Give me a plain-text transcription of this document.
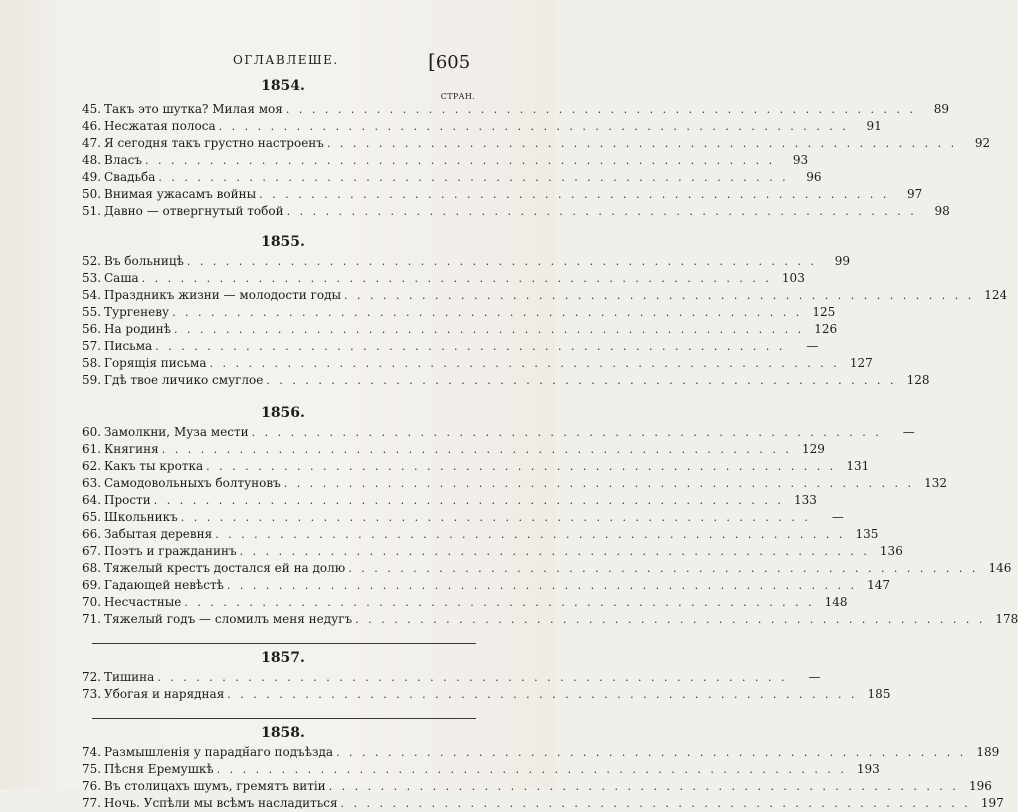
ОГЛАВЛЕШЕ.	[605
1854.
СТРАН.
45. Такъ это шутка? Милая моя . . . . . . . . . . . . . . . . . . . . . . . . . . . . . . . . . . . . . . . . . . . . . . . . .	89
46. Несжатая полоса . . . . . . . . . . . . . . . . . . . . . . . . . . . . . . . . . . . . . . . . . . . . . . . . .	91
47. Я сегодня такъ грустно настроенъ . . . . . . . . . . . . . . . . . . . . . . . . . . . . . . . . . . . . . . . . . . . . . . . . .	92
48. Власъ . . . . . . . . . . . . . . . . . . . . . . . . . . . . . . . . . . . . . . . . . . . . . . . . .	93
49. Свадьба . . . . . . . . . . . . . . . . . . . . . . . . . . . . . . . . . . . . . . . . . . . . . . . . .	96
50. Внимая ужасамъ войны . . . . . . . . . . . . . . . . . . . . . . . . . . . . . . . . . . . . . . . . . . . . . . . . .	97
51. Давно — отвергнутый тобой . . . . . . . . . . . . . . . . . . . . . . . . . . . . . . . . . . . . . . . . . . . . . . . . .	98
1855.
52. Въ больницѣ . . . . . . . . . . . . . . . . . . . . . . . . . . . . . . . . . . . . . . . . . . . . . . . . .	99
53. Саша . . . . . . . . . . . . . . . . . . . . . . . . . . . . . . . . . . . . . . . . . . . . . . . . . 103
54. Праздникъ жизни — молодости годы . . . . . . . . . . . . . . . . . . . . . . . . . . . . . . . . . . . . . . . . . . . . . . . . . 124
55. Тургеневу . . . . . . . . . . . . . . . . . . . . . . . . . . . . . . . . . . . . . . . . . . . . . . . . . 125
56. На родинѣ . . . . . . . . . . . . . . . . . . . . . . . . . . . . . . . . . . . . . . . . . . . . . . . . . 126
57. Письма . . . . . . . . . . . . . . . . . . . . . . . . . . . . . . . . . . . . . . . . . . . . . . . . .	—
58. Горящія письма . . . . . . . . . . . . . . . . . . . . . . . . . . . . . . . . . . . . . . . . . . . . . . . . . 127
59. Гдѣ твое личико смуглое . . . . . . . . . . . . . . . . . . . . . . . . . . . . . . . . . . . . . . . . . . . . . . . . . 128
1856.
60. Замолкни, Муза мести . . . . . . . . . . . . . . . . . . . . . . . . . . . . . . . . . . . . . . . . . . . . . . . . .	—
61. Княгиня . . . . . . . . . . . . . . . . . . . . . . . . . . . . . . . . . . . . . . . . . . . . . . . . . 129
62. Какъ ты кротка . . . . . . . . . . . . . . . . . . . . . . . . . . . . . . . . . . . . . . . . . . . . . . . . . 131
63. Самодовольныхъ болтуновъ . . . . . . . . . . . . . . . . . . . . . . . . . . . . . . . . . . . . . . . . . . . . . . . . . 132
64. Прости . . . . . . . . . . . . . . . . . . . . . . . . . . . . . . . . . . . . . . . . . . . . . . . . . 133
65. Школьникъ . . . . . . . . . . . . . . . . . . . . . . . . . . . . . . . . . . . . . . . . . . . . . . . . .	—
66. Забытая деревня . . . . . . . . . . . . . . . . . . . . . . . . . . . . . . . . . . . . . . . . . . . . . . . . . 135
67. Поэтъ и гражданинъ . . . . . . . . . . . . . . . . . . . . . . . . . . . . . . . . . . . . . . . . . . . . . . . . . 136
68. Тяжелый крестъ достался ей на долю . . . . . . . . . . . . . . . . . . . . . . . . . . . . . . . . . . . . . . . . . . . . . . . . . 146
69. Гадающей невѣстѣ . . . . . . . . . . . . . . . . . . . . . . . . . . . . . . . . . . . . . . . . . . . . . . . . . 147
70. Несчастные . . . . . . . . . . . . . . . . . . . . . . . . . . . . . . . . . . . . . . . . . . . . . . . . . 148
71. Тяжелый годъ — сломилъ меня недугъ . . . . . . . . . . . . . . . . . . . . . . . . . . . . . . . . . . . . . . . . . . . . . . . . . 178
1857.
72. Тишина . . . . . . . . . . . . . . . . . . . . . . . . . . . . . . . . . . . . . . . . . . . . . . . . .	—
73. Убогая и нарядная . . . . . . . . . . . . . . . . . . . . . . . . . . . . . . . . . . . . . . . . . . . . . . . . . 185
1858.
74. Размышленія у парадн̆аго подъѣзда . . . . . . . . . . . . . . . . . . . . . . . . . . . . . . . . . . . . . . . . . . . . . . . . . 189
75. Пѣсня Еремушкѣ . . . . . . . . . . . . . . . . . . . . . . . . . . . . . . . . . . . . . . . . . . . . . . . . . 193
76. Въ столицахъ шумъ, гремятъ витіи . . . . . . . . . . . . . . . . . . . . . . . . . . . . . . . . . . . . . . . . . . . . . . . . . 196
77. Ночь. Успѣли мы всѣмъ насладиться . . . . . . . . . . . . . . . . . . . . . . . . . . . . . . . . . . . . . . . . . . . . . . . . . 197
